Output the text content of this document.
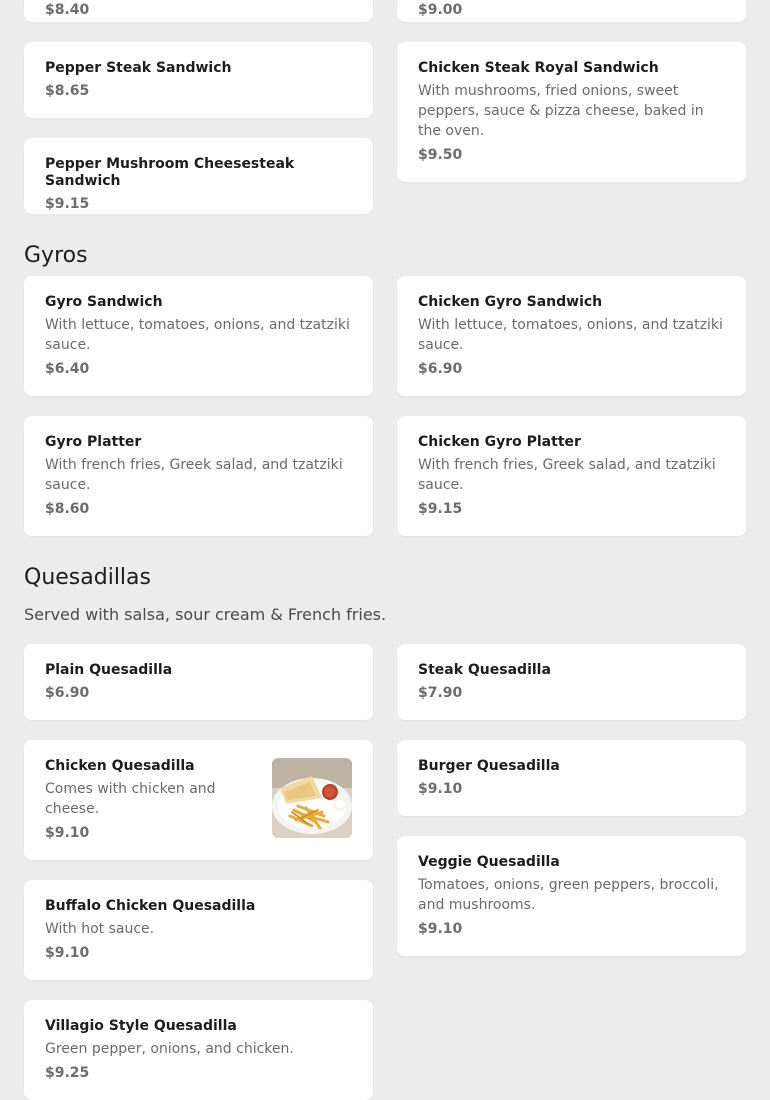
$8.40	$9.00
Pepper Steak Sandwich
$8.65
Chicken Steak Royal Sandwich
With mushrooms, fried onions, sweet peppers, sauce & pizza cheese, baked in the oven.
$9.50
Pepper Mushroom Cheesesteak Sandwich
$9.15
Gyros
Gyro Sandwich
With lettuce, tomatoes, onions, and tzatziki sauce.
$6.40
Chicken Gyro Sandwich
With lettuce, tomatoes, onions, and tzatziki sauce.
$6.90
Gyro Platter
With french fries, Greek salad, and tzatziki sauce.
$8.60
Chicken Gyro Platter
With french fries, Greek salad, and tzatziki sauce.
$9.15
Quesadillas

Served with salsa, sour cream & French fries.

Plain Quesadilla
$6.90
Steak Quesadilla
$7.90
Chicken Quesadilla
Comes with chicken and cheese.
$9.10
Burger Quesadilla
$9.10
Veggie Quesadilla
Tomatoes, onions, green peppers, broccoli, and mushrooms.
$9.10
Buffalo Chicken Quesadilla
With hot sauce.
$9.10
Villagio Style Quesadilla
Green pepper, onions, and chicken.
$9.25
